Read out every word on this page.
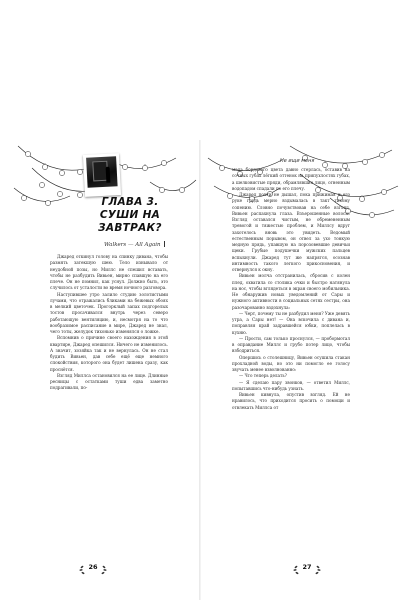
ГЛАВА 3.
СУШИ НА ЗАВТРАК?
Walkers — All Again
Не ищи меня

Джаред откинул голову на спинку дивана, чтобы размять затекшую шею. Тело изнывало от неудобной позы, но Миллс не спешил вставать, чтобы не разбудить Вивьен, мирно спавшую на его плече. Он не помнил, как уснул. Должно быть, это случилось от усталости во время ночного разговора.

Наступившее утро залило студию золотистыми лучами, что отражались бликами на бежевых обоях в мелкий цветочек. Прогорклый запах подгорелых тостов просачивался внутрь через северо работающую вентиляцию, и, несмотря на то что вообразимое расписание в мире, Джаред не знал, чего тоты, желудок тихонько изменялся о ложке.

Вспомнив о причине своего нахождения в этой квартире, Джаред опешился. Ничего не изменилось. А значит, хозяйка так и не вернулась. Он не стал будить Вивьен, дав себе ещё еще немного спокойствия, которого она будет лишена сразу, как проснётся.

Взгляд Миллса остановился на ее лице. Длинные ресницы с остатками туши едва заметно подрагивали, по-

мада бордового цвета давно стерлась, оставив на сочных губах лёгкий оттенок на припухлостях губах, а шелковистые пряди, обрамлявшие лицо, огненным водопадом спадали по его плечу.

Джаред почти не дышал, пока прижимая к его руке грудь мерно вздымалась в такт тихому сопению. Словно почувствовав на себе взгляд, Вивьен распахнула глаза. Взъерошенные волосы. Взгляд оставался чистым, не обремененным тревогой и тяжестью проблем, и Миллсу вдруг захотелось вновь это увидеть. Ведомый естественным порывом, он отвел за ухо тонкую медную прядь, упавшую на порозовевшие девичьи щеки. Грубые подушечки мужских пальцев вспыхнули. Джаред тут же напрягся, осознав интимность такого легкого прикосновения, и отвернулся к окну.

Вивьен молча отстранилась, сбросив с колен плед, охватила со столика очки и быстро натянула на нос, чтобы вглядеться в экран своего мобильника. Не обнаружив новых уведомлений от Сары и нужного активности в социальных сетях сестры, она разочарованно вздохнула:

— Черт, почему ты не разбудил меня? Уже девять утра, а Сары нет! — Она вскочила с диванa и, поправляя край задравшейся юбки, поплелась в кухню.

— Прости, сам только проснулся, — пробормотал в оправдание Миллс и грубо потер лицо, чтобы взбодриться.

Опершись о столешницу, Вивьен осушила стакан прохладной воды, но это ни помогло ее голосу звучать менее взволнованно:

— Что теперь делать?

— Я сделаю пару звонков, — ответил Миллс, попытавшись что-нибудь узнать.

Вивьен кивнула, опустив взгляд. Ей не нравилось, что приходится просить о помощи и отвлекать Миллса от

26	27
